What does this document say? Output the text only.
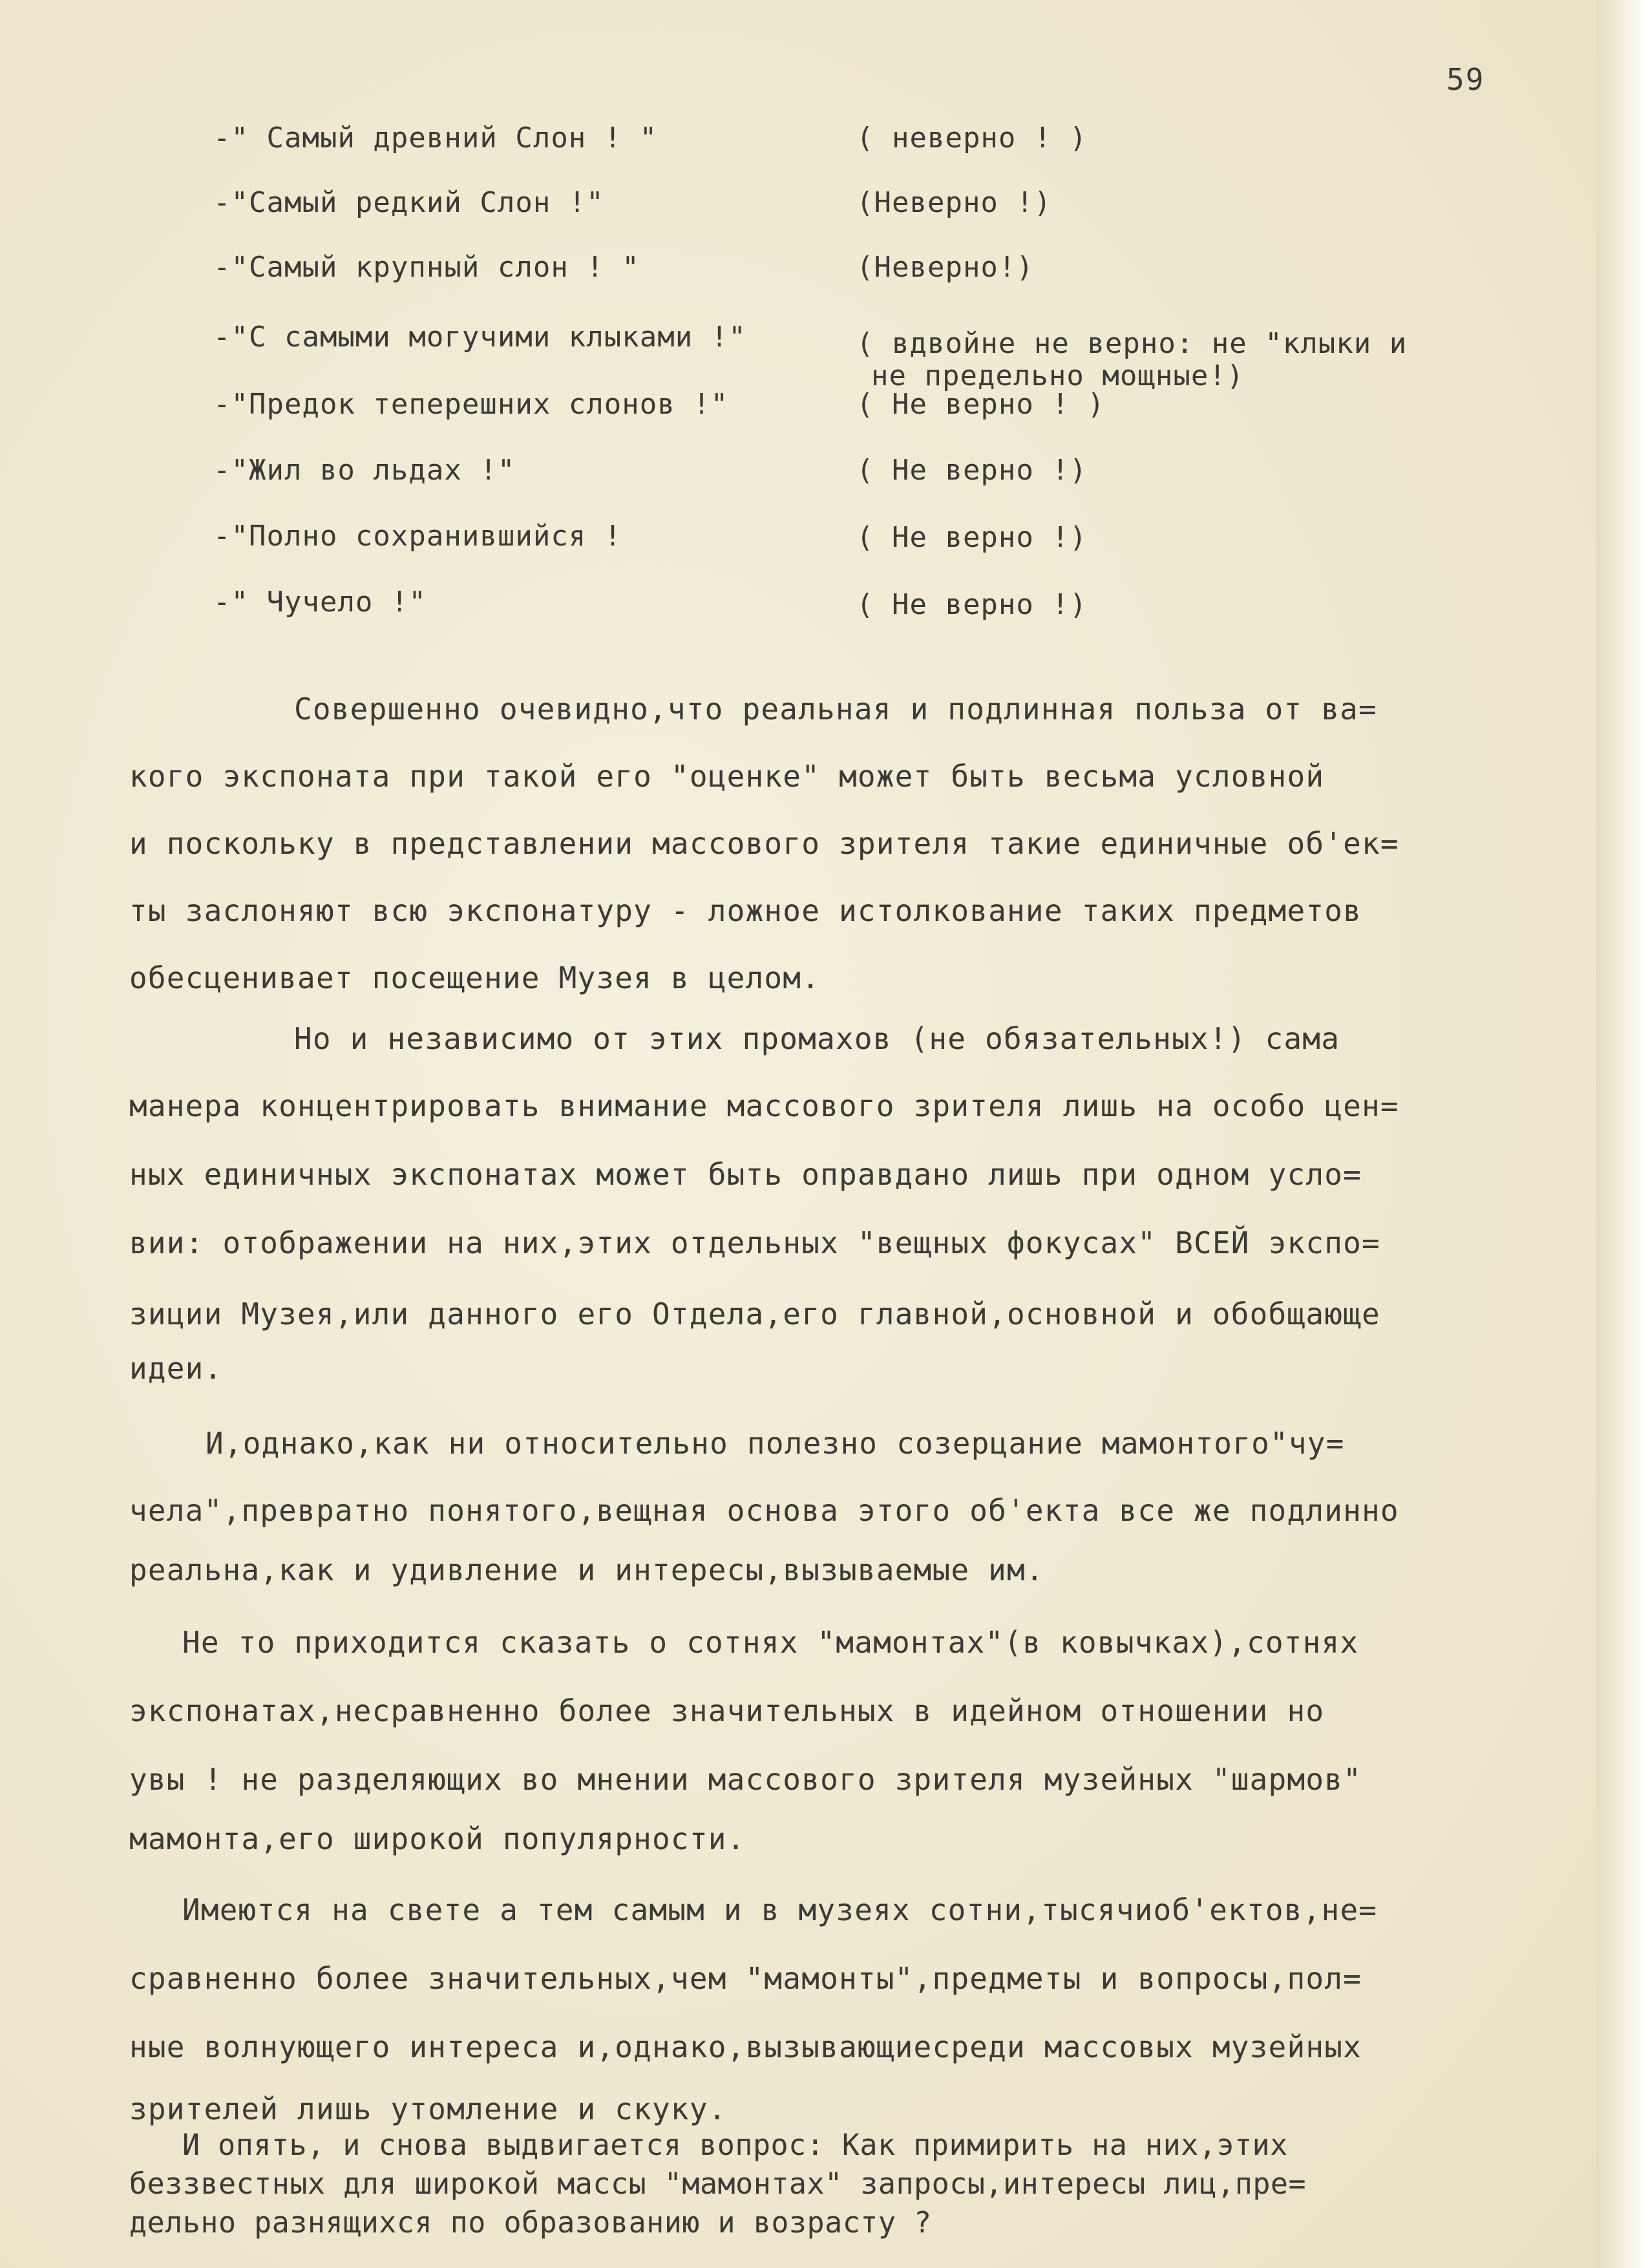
59
-" Самый древний Слон ! "	( неверно ! )
-"Самый редкий Слон !"	(Неверно !)
-"Самый крупный слон ! "	(Неверно!)
-"С самыми могучими клыками !"	( вдвойне не верно: не "клыки и
не предельно мощные!)
-"Предок теперешних слонов !"	( Не верно ! )
-"Жил во льдах !"	( Не верно !)
-"Полно сохранившийся !	( Не верно !)
-" Чучело !"	( Не верно !)
Совершенно очевидно,что реальная и подлинная польза от ва=
кого экспоната при такой его "оценке" может быть весьма условной
и поскольку в представлении массового зрителя такие единичные об'ек=
ты заслоняют всю экспонатуру - ложное истолкование таких предметов
обесценивает посещение Музея в целом.
Но и независимо от этих промахов (не обязательных!) сама
манера концентрировать внимание массового зрителя лишь на особо цен=
ных единичных экспонатах может быть оправдано лишь при одном усло=
вии: отображении на них,этих отдельных "вещных фокусах" ВСЕЙ экспо=
зиции Музея,или данного его Отдела,его главной,основной и обобщающе
идеи.
И,однако,как ни относительно полезно созерцание мамонтого"чу=
чела",превратно понятого,вещная основа этого об'екта все же подлинно
реальна,как и удивление и интересы,вызываемые им.
Не то приходится сказать о сотнях "мамонтах"(в ковычках),сотнях
экспонатах,несравненно более значительных в идейном отношении но
увы ! не разделяющих во мнении массового зрителя музейных "шармов"
мамонта,его широкой популярности.
Имеются на свете а тем самым и в музеях сотни,тысячиоб'ектов,не=
сравненно более значительных,чем "мамонты",предметы и вопросы,пол=
ные волнующего интереса и,однако,вызывающиесреди массовых музейных
зрителей лишь утомление и скуку.
И опять, и снова выдвигается вопрос: Как примирить на них,этих
беззвестных для широкой массы "мамонтах" запросы,интересы лиц,пре=
дельно разнящихся по образованию и возрасту ?
